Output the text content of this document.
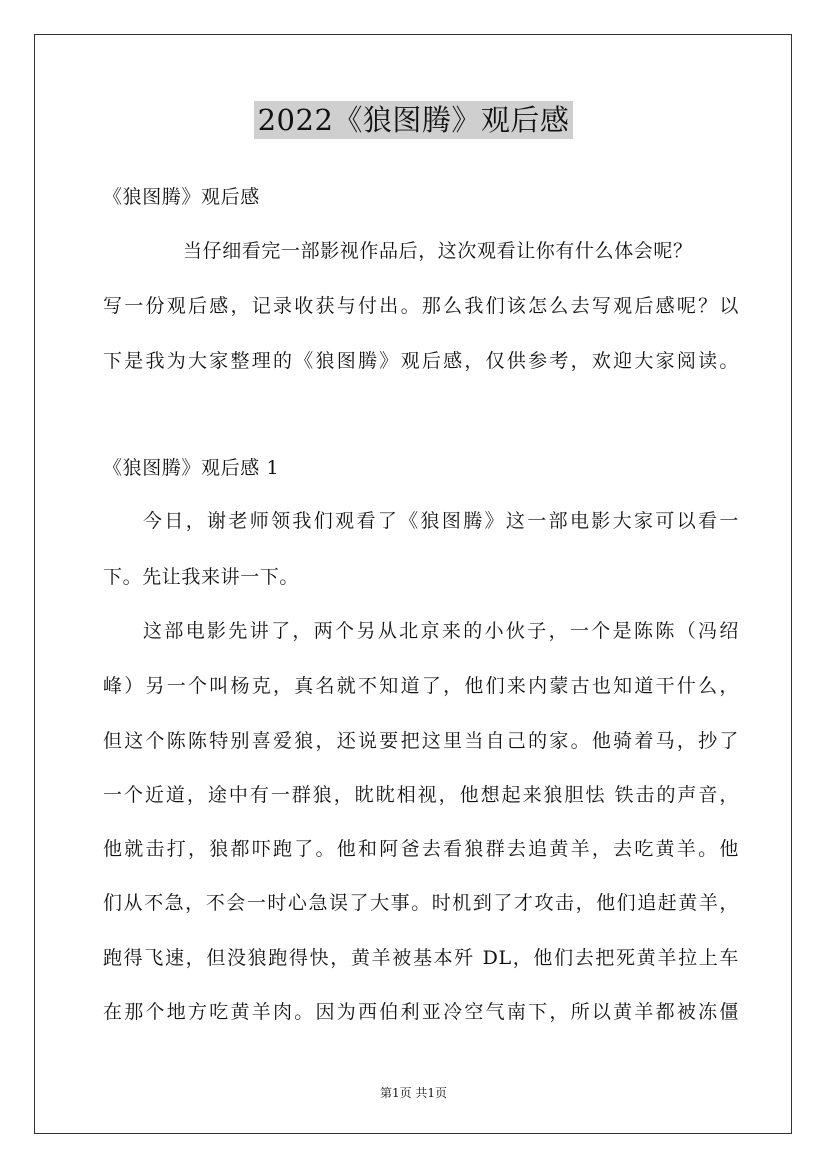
2022《狼图腾》观后感
《狼图腾》观后感
当仔细看完一部影视作品后，这次观看让你有什么体会呢？
写一份观后感，记录收获与付出。那么我们该怎么去写观后感呢？以
下是我为大家整理的《狼图腾》观后感，仅供参考，欢迎大家阅读。
《狼图腾》观后感 1
今日，谢老师领我们观看了《狼图腾》这一部电影大家可以看一
下。先让我来讲一下。
这部电影先讲了，两个另从北京来的小伙子，一个是陈陈（冯绍
峰）另一个叫杨克，真名就不知道了，他们来内蒙古也知道干什么，
但这个陈陈特别喜爱狼，还说要把这里当自己的家。他骑着马，抄了
一个近道，途中有一群狼，眈眈相视，他想起来狼胆怯 铁击的声音，
他就击打，狼都吓跑了。他和阿爸去看狼群去追黄羊，去吃黄羊。他
们从不急，不会一时心急误了大事。时机到了才攻击，他们追赶黄羊，
跑得飞速，但没狼跑得快，黄羊被基本歼 DL，他们去把死黄羊拉上车
在那个地方吃黄羊肉。因为西伯利亚冷空气南下，所以黄羊都被冻僵
第1页 共1页
